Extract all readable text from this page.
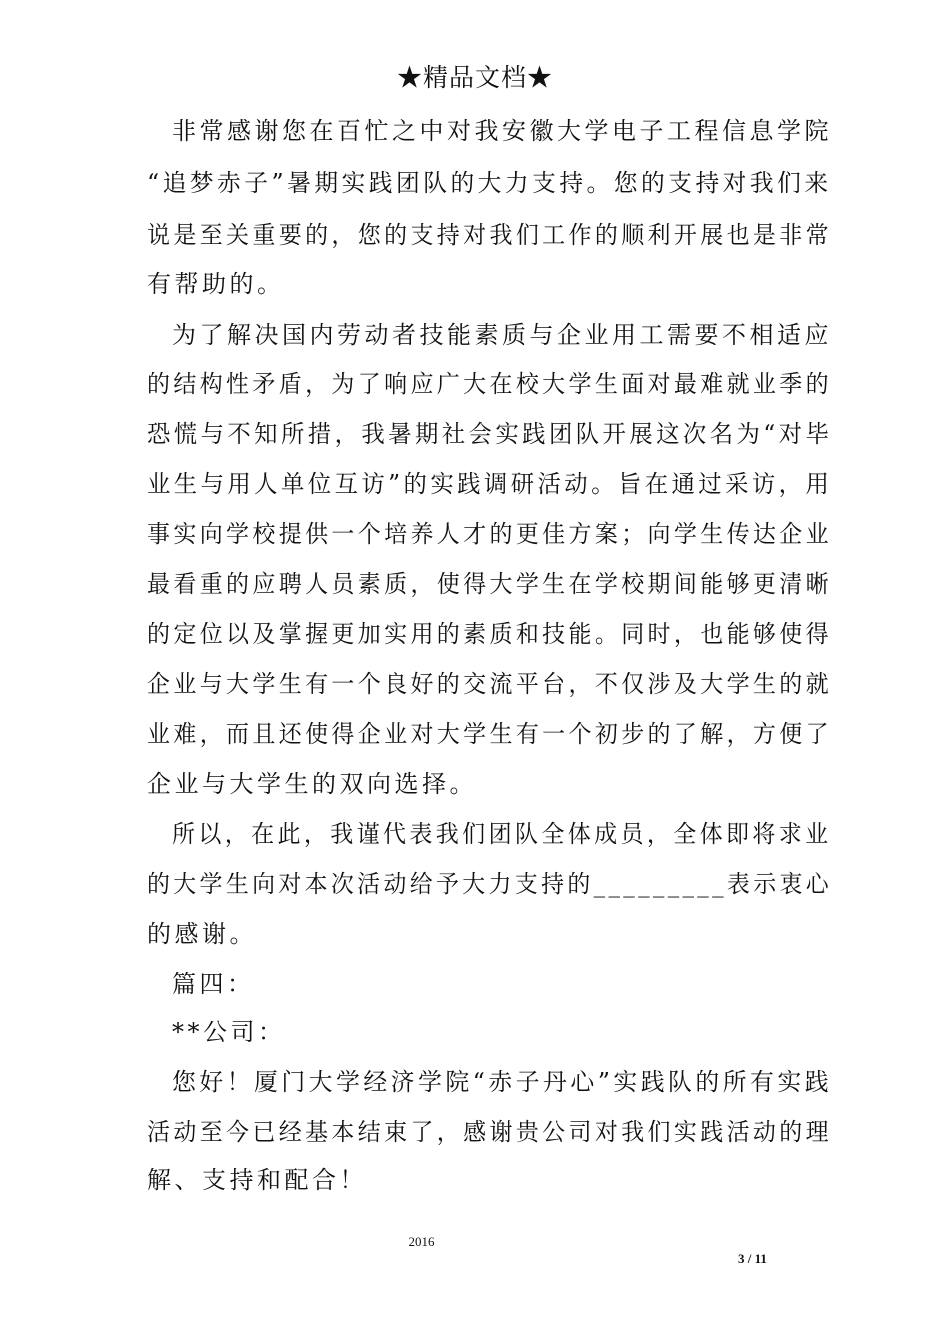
★精品文档★
非常感谢您在百忙之中对我安徽大学电子工程信息学院
“追梦赤子”暑期实践团队的大力支持。您的支持对我们来
说是至关重要的，您的支持对我们工作的顺利开展也是非常
有帮助的。
为了解决国内劳动者技能素质与企业用工需要不相适应
的结构性矛盾，为了响应广大在校大学生面对最难就业季的
恐慌与不知所措，我暑期社会实践团队开展这次名为“对毕
业生与用人单位互访”的实践调研活动。旨在通过采访，用
事实向学校提供一个培养人才的更佳方案；向学生传达企业
最看重的应聘人员素质，使得大学生在学校期间能够更清晰
的定位以及掌握更加实用的素质和技能。同时，也能够使得
企业与大学生有一个良好的交流平台，不仅涉及大学生的就
业难，而且还使得企业对大学生有一个初步的了解，方便了
企业与大学生的双向选择。
所以，在此，我谨代表我们团队全体成员，全体即将求业
的大学生向对本次活动给予大力支持的_________表示衷心
的感谢。
篇四：
**公司：
您好！厦门大学经济学院“赤子丹心”实践队的所有实践
活动至今已经基本结束了，感谢贵公司对我们实践活动的理
解、支持和配合！
2016
3 / 11
